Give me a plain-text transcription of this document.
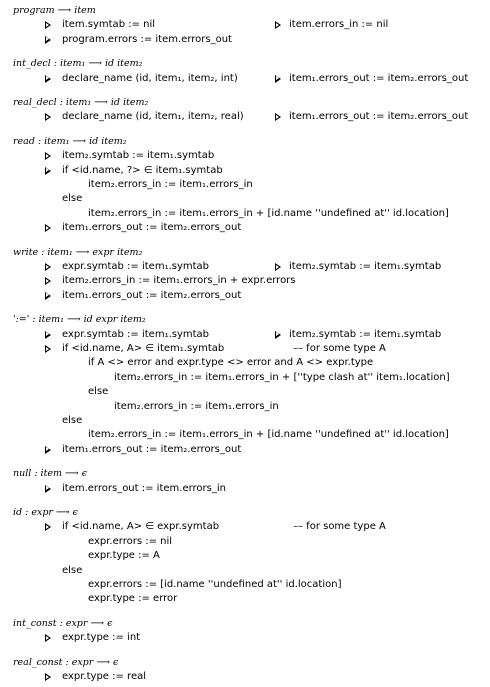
program ⟶ item
item.symtab := nil	item.errors_in := nil
program.errors := item.errors_out
int_decl : item₁ ⟶ id item₂
declare_name (id, item₁, item₂, int)	item₁.errors_out := item₂.errors_out
real_decl : item₁ ⟶ id item₂
declare_name (id, item₁, item₂, real)	item₁.errors_out := item₂.errors_out
read : item₁ ⟶ id item₂
item₂.symtab := item₁.symtab
if <id.name, ?> ∈ item₁.symtab
item₂.errors_in := item₁.errors_in
else
item₂.errors_in := item₁.errors_in + [id.name ''undefined at'' id.location]
item₁.errors_out := item₂.errors_out
write : item₁ ⟶ expr item₂
expr.symtab := item₁.symtab	item₂.symtab := item₁.symtab
item₂.errors_in := item₁.errors_in + expr.errors
item₁.errors_out := item₂.errors_out
':=' : item₁ ⟶ id expr item₂
expr.symtab := item₁.symtab	item₂.symtab := item₁.symtab
if <id.name, A> ∈ item₁.symtab	–– for some type A
if A <> error and expr.type <> error and A <> expr.type
item₂.errors_in := item₁.errors_in + [''type clash at'' item₁.location]
else
item₂.errors_in := item₁.errors_in
else
item₂.errors_in := item₁.errors_in + [id.name ''undefined at'' id.location]
item₁.errors_out := item₂.errors_out
null : item ⟶ ϵ
item.errors_out := item.errors_in
id : expr ⟶ ϵ
if <id.name, A> ∈ expr.symtab	–– for some type A
expr.errors := nil
expr.type := A
else
expr.errors := [id.name ''undefined at'' id.location]
expr.type := error
int_const : expr ⟶ ϵ
expr.type := int
real_const : expr ⟶ ϵ
expr.type := real
